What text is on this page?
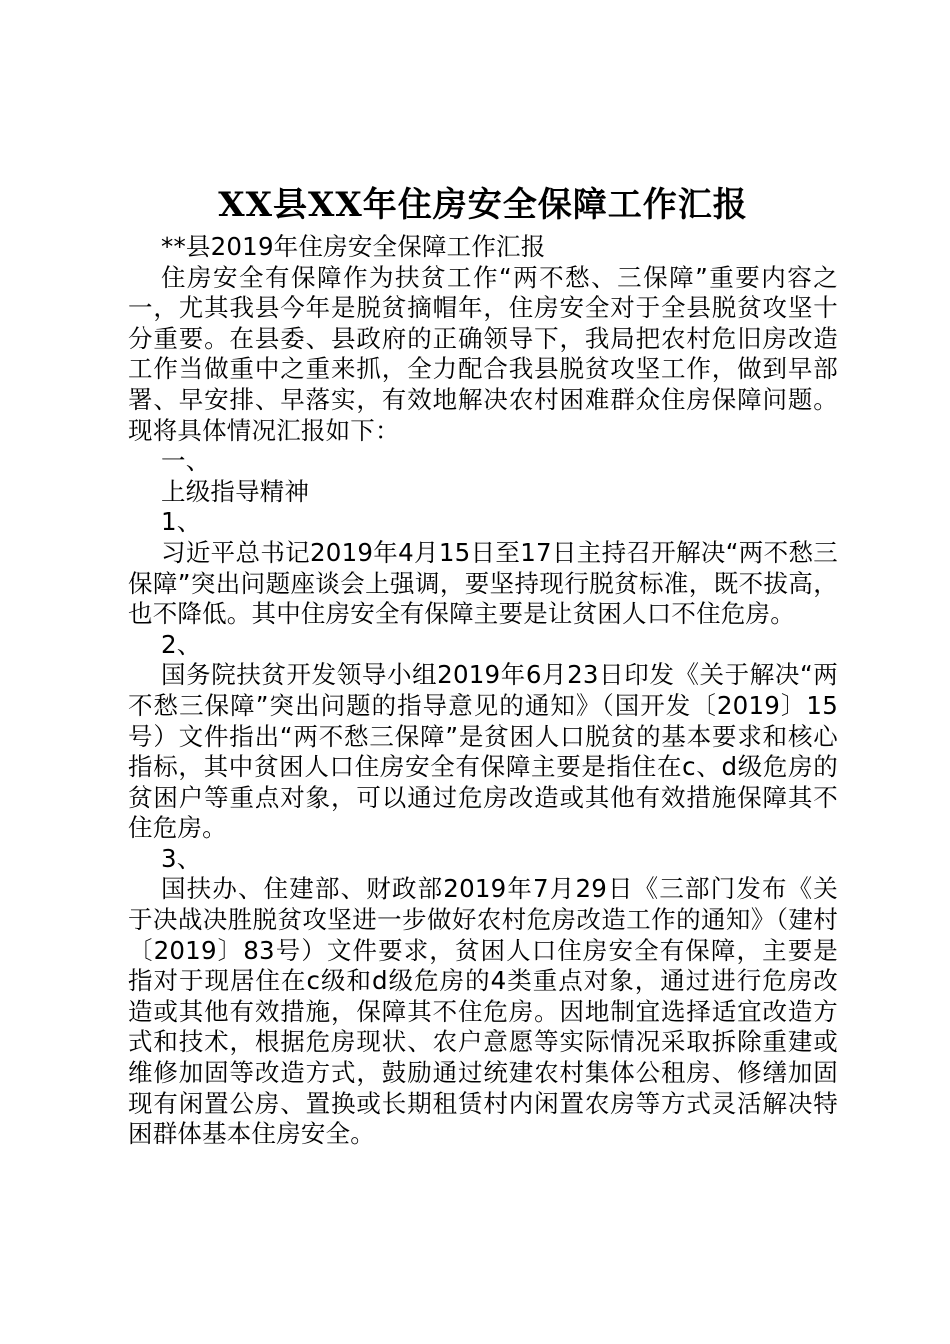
XX县XX年住房安全保障工作汇报

**县2019年住房安全保障工作汇报

住房安全有保障作为扶贫工作“两不愁、三保障”重要内容之一，尤其我县今年是脱贫摘帽年，住房安全对于全县脱贫攻坚十分重要。在县委、县政府的正确领导下，我局把农村危旧房改造工作当做重中之重来抓，全力配合我县脱贫攻坚工作，做到早部署、早安排、早落实，有效地解决农村困难群众住房保障问题。现将具体情况汇报如下：

一、

上级指导精神

1、

习近平总书记2019年4月15日至17日主持召开解决“两不愁三保障”突出问题座谈会上强调，要坚持现行脱贫标准，既不拔高，也不降低。其中住房安全有保障主要是让贫困人口不住危房。

2、

国务院扶贫开发领导小组2019年6月23日印发《关于解决“两不愁三保障”突出问题的指导意见的通知》（国开发〔2019〕15号）文件指出“两不愁三保障”是贫困人口脱贫的基本要求和核心指标，其中贫困人口住房安全有保障主要是指住在c、d级危房的贫困户等重点对象，可以通过危房改造或其他有效措施保障其不住危房。

3、

国扶办、住建部、财政部2019年7月29日《三部门发布《关于决战决胜脱贫攻坚进一步做好农村危房改造工作的通知》（建村〔2019〕83号）文件要求，贫困人口住房安全有保障，主要是指对于现居住在c级和d级危房的4类重点对象，通过进行危房改造或其他有效措施，保障其不住危房。因地制宜选择适宜改造方式和技术，根据危房现状、农户意愿等实际情况采取拆除重建或维修加固等改造方式，鼓励通过统建农村集体公租房、修缮加固现有闲置公房、置换或长期租赁村内闲置农房等方式灵活解决特困群体基本住房安全。
